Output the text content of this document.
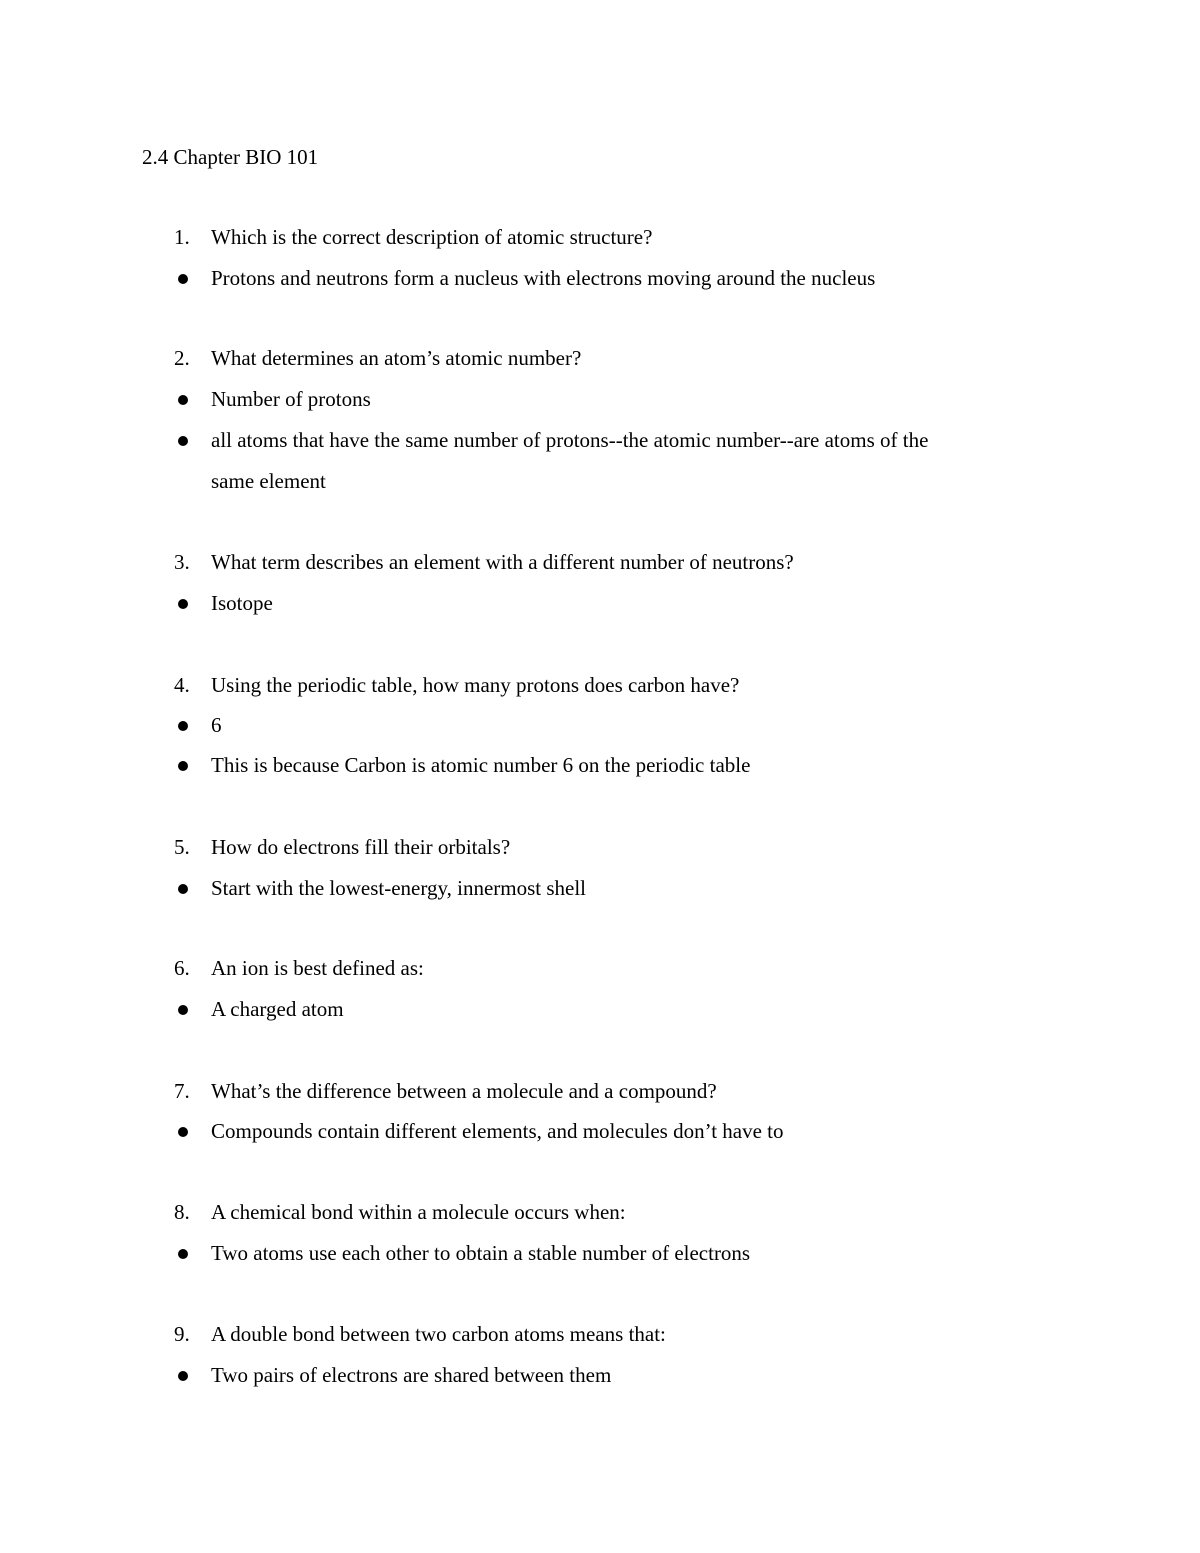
2.4 Chapter BIO 101
1. Which is the correct description of atomic structure?
Protons and neutrons form a nucleus with electrons moving around the nucleus
2. What determines an atom’s atomic number?
Number of protons
all atoms that have the same number of protons--the atomic number--are atoms of the
same element
3. What term describes an element with a different number of neutrons?
Isotope
4. Using the periodic table, how many protons does carbon have?
6
This is because Carbon is atomic number 6 on the periodic table
5. How do electrons fill their orbitals?
Start with the lowest-energy, innermost shell
6. An ion is best defined as:
A charged atom
7. What’s the difference between a molecule and a compound?
Compounds contain different elements, and molecules don’t have to
8. A chemical bond within a molecule occurs when:
Two atoms use each other to obtain a stable number of electrons
9. A double bond between two carbon atoms means that:
Two pairs of electrons are shared between them
